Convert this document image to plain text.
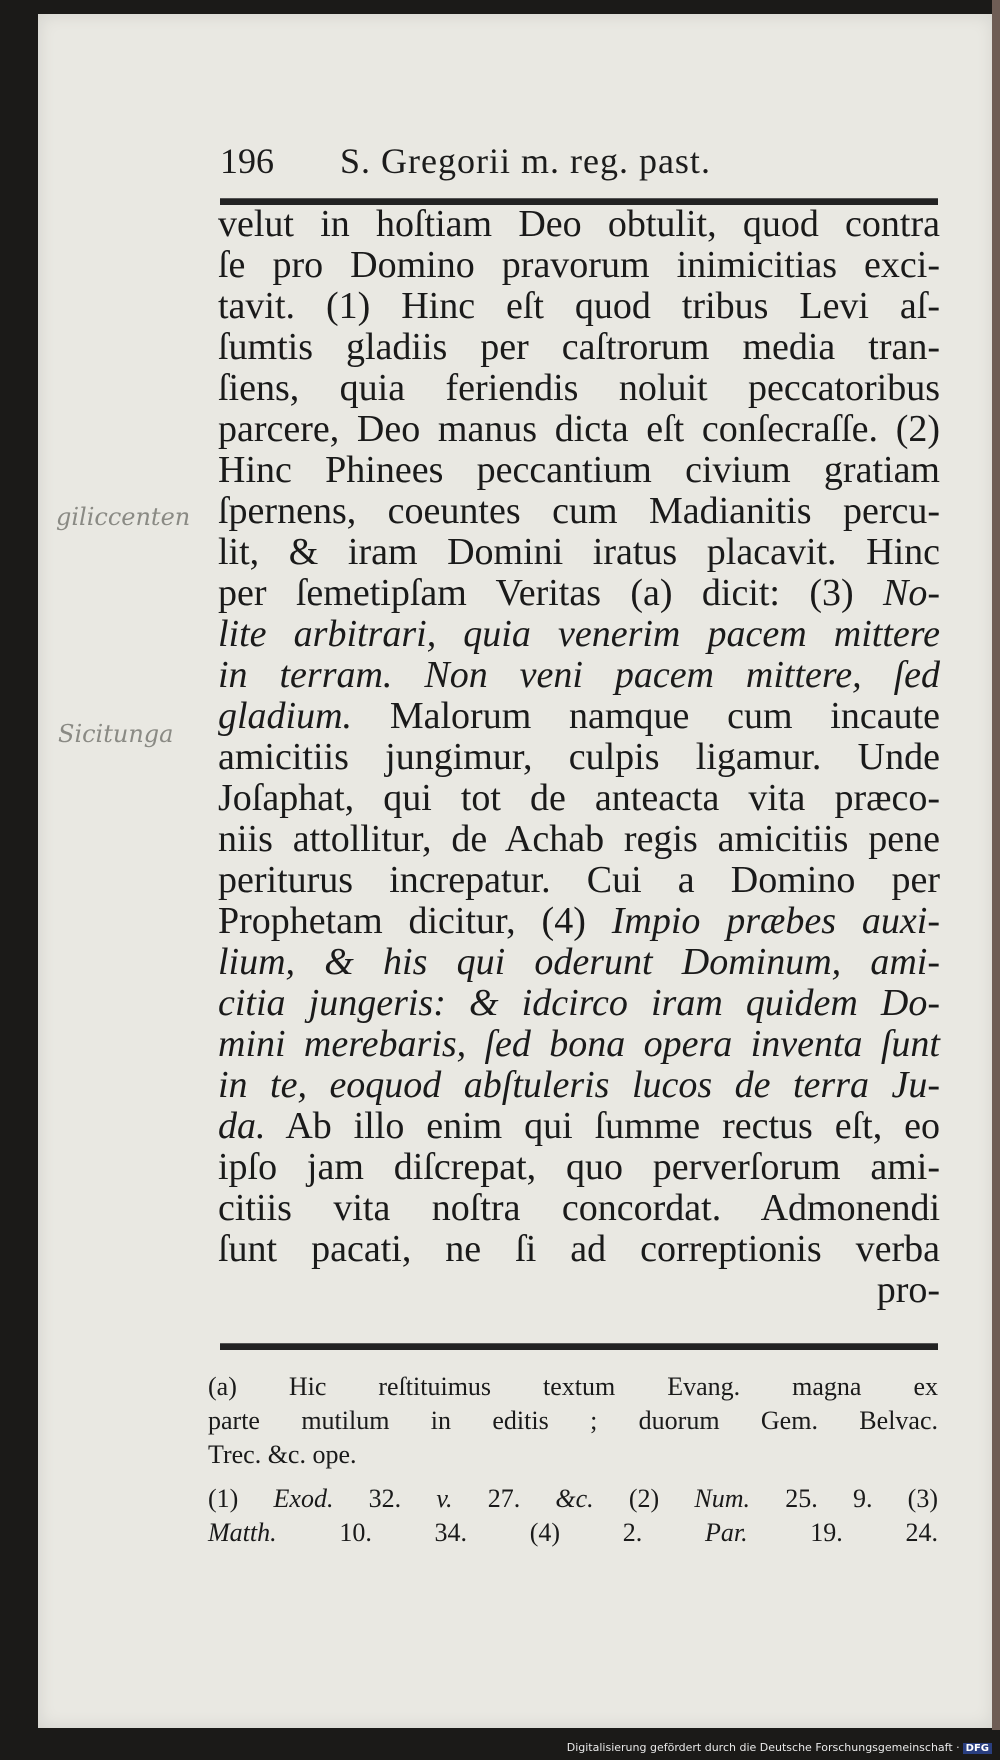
196 S. Gregorii m. reg. past.
giliccenten
Sicitunga
velut in hoſtiam Deo obtulit, quod contra
ſe pro Domino pravorum inimicitias exci-
tavit. (1) Hinc eſt quod tribus Levi aſ-
ſumtis gladiis per caſtrorum media tran-
ſiens, quia feriendis noluit peccatoribus
parcere, Deo manus dicta eſt conſecraſſe. (2)
Hinc Phinees peccantium civium gratiam
ſpernens, coeuntes cum Madianitis percu-
lit, & iram Domini iratus placavit. Hinc
per ſemetipſam Veritas (a) dicit: (3) No-
lite arbitrari, quia venerim pacem mittere
in terram. Non veni pacem mittere, ſed
gladium. Malorum namque cum incaute
amicitiis jungimur, culpis ligamur. Unde
Joſaphat, qui tot de anteacta vita præco-
niis attollitur, de Achab regis amicitiis pene
periturus increpatur. Cui a Domino per
Prophetam dicitur, (4) Impio præbes auxi-
lium, & his qui oderunt Dominum, ami-
citia jungeris: & idcirco iram quidem Do-
mini merebaris, ſed bona opera inventa ſunt
in te, eoquod abſtuleris lucos de terra Ju-
da. Ab illo enim qui ſumme rectus eſt, eo
ipſo jam diſcrepat, quo perverſorum ami-
citiis vita noſtra concordat. Admonendi
ſunt pacati, ne ſi ad correptionis verba
pro-
(a) Hic reſtituimus textum Evang. magna ex
parte mutilum in editis ; duorum Gem. Belvac.
Trec. &c. ope.
(1) Exod. 32. v. 27. &c. (2) Num. 25. 9. (3)
Matth. 10. 34. (4) 2. Par. 19. 24.
Digitalisierung gefördert durch die Deutsche Forschungsgemeinschaft · DFG
